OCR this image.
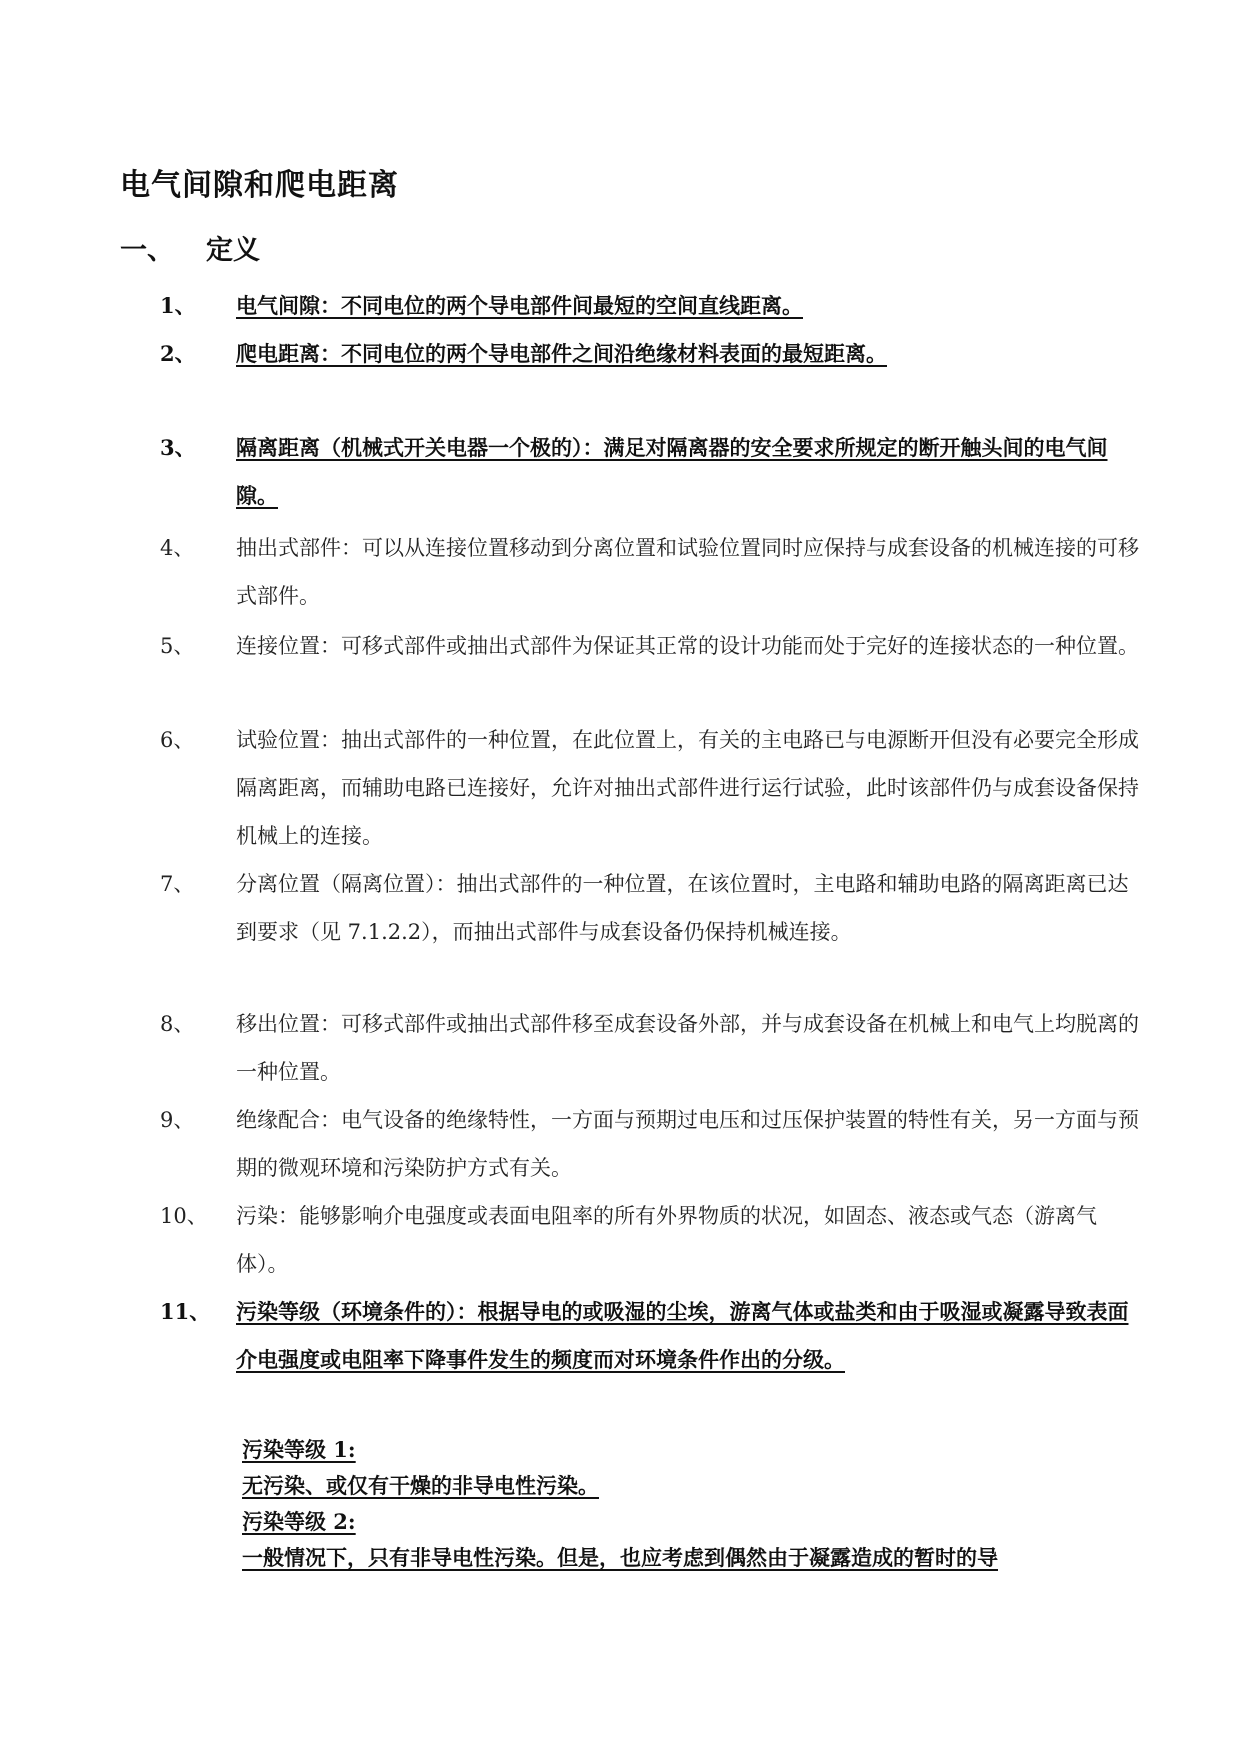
电气间隙和爬电距离
一、 定义
1、	电气间隙：不同电位的两个导电部件间最短的空间直线距离。
2、	爬电距离：不同电位的两个导电部件之间沿绝缘材料表面的最短距离。
3、	隔离距离（机械式开关电器一个极的）：满足对隔离器的安全要求所规定的断开触头间的电气间隙。
4、	抽出式部件：可以从连接位置移动到分离位置和试验位置同时应保持与成套设备的机械连接的可移式部件。
5、	连接位置：可移式部件或抽出式部件为保证其正常的设计功能而处于完好的连接状态的一种位置。
6、	试验位置：抽出式部件的一种位置，在此位置上，有关的主电路已与电源断开但没有必要完全形成隔离距离，而辅助电路已连接好，允许对抽出式部件进行运行试验，此时该部件仍与成套设备保持机械上的连接。
7、	分离位置（隔离位置）：抽出式部件的一种位置，在该位置时，主电路和辅助电路的隔离距离已达到要求（见 7.1.2.2），而抽出式部件与成套设备仍保持机械连接。
8、	移出位置：可移式部件或抽出式部件移至成套设备外部，并与成套设备在机械上和电气上均脱离的一种位置。
9、	绝缘配合：电气设备的绝缘特性，一方面与预期过电压和过压保护装置的特性有关，另一方面与预期的微观环境和污染防护方式有关。
10、	污染：能够影响介电强度或表面电阻率的所有外界物质的状况，如固态、液态或气态（游离气体）。
11、	污染等级（环境条件的）：根据导电的或吸湿的尘埃，游离气体或盐类和由于吸湿或凝露导致表面介电强度或电阻率下降事件发生的频度而对环境条件作出的分级。
污染等级 1:
无污染、或仅有干燥的非导电性污染。
污染等级 2:
一般情况下，只有非导电性污染。但是，也应考虑到偶然由于凝露造成的暂时的导
